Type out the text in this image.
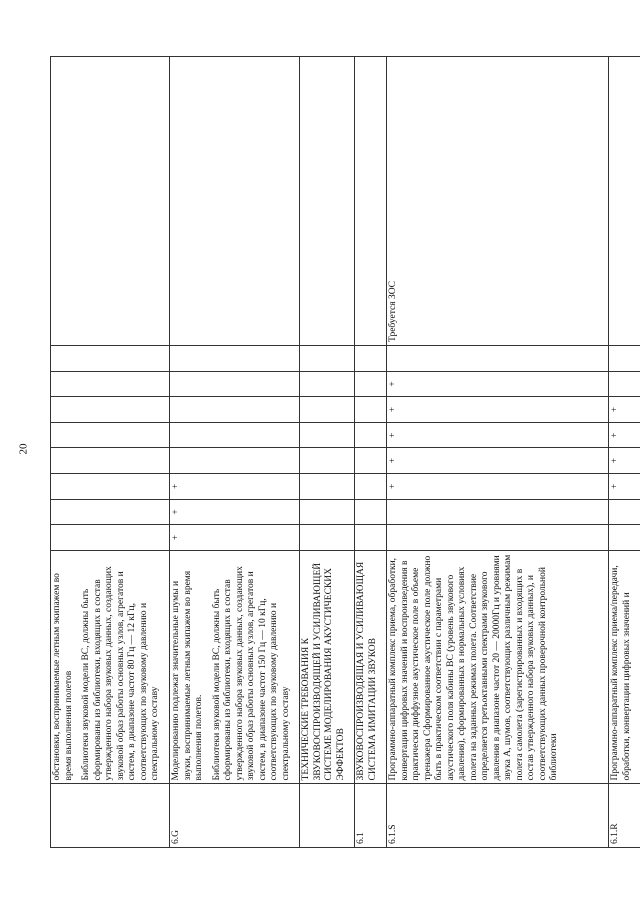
20

	обстановки, воспринимаемые летным экипажем во время выполнения полетов Библиотеки звуковой модели ВС, должны быть сформированы из библиотеки, входящих в состав утвержденного набора звуковых данных, создающих звуковой образ работы основных узлов, агрегатов и систем, в диапазоне частот 80 Гц — 12 кГц, соответствующих по звуковому давлению и спектральному составу									

6.G	Моделированию подлежат значительные шумы и звуки, воспринимаемые летным экипажем во время выполнения полетов. Библиотеки звуковой модели ВС, должны быть сформированы из библиотеки, входящих в состав утвержденного набора звуковых данных, создающих звуковой образ работы основных узлов, агрегатов и систем, в диапазоне частот 150 Гц — 10 кГц, соответствующих по звуковому давлению и спектральному составу	+	+	+						

	ТЕХНИЧЕСКИЕ ТРЕБОВАНИЯ К ЗВУКОВОСПРОИЗВОДЯЩЕЙ И УСИЛИВАЮЩЕЙ СИСТЕМЕ МОДЕЛИРОВАНИЯ АКУСТИЧЕСКИХ ЭФФЕКТОВ									

6.1	ЗВУКОВОСПРОИЗВОДЯЩАЯ И УСИЛИВАЮЩАЯ СИСТЕМА ИМИТАЦИИ ЗВУКОВ									

6.1.S	Программно-аппаратный комплекс приема, обработки, конвертации цифровых значений и воспроизведения в практически диффузное акустическое поле в объеме тренажера Сформированное акустическое поле должно быть в практическом соответствии с параметрами акустического поля кабины ВС (уровень звукового давления), сформированных в нормальных условиях полета на заданных режимах полета. Соответствие определяется третьоктавными спектрами звукового давления в диапазоне частот 20 — 20000Гц и уровнями звука А, шумов, соответствующих различным режимам полета самолета (зарегистрированных и входящих в состав утвержденного набора звуковых данных), и соответствующих данных проверочной контрольной библиотеки			+	+	+	+	+		Требуется ЗОС
6.1.R	Программно-аппаратный комплекс приема/передачи, обработки, конвертации цифровых значений и			+	+	+	+			
